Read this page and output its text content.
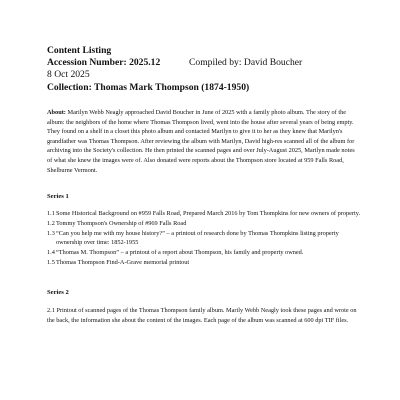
Content Listing
Accession Number: 2025.12	Compiled by: David Boucher
8 Oct 2025
Collection: Thomas Mark Thompson (1874-1950)
About: Marilyn Webb Neagly approached David Boucher in June of 2025 with a family photo album. The story of the album: the neighbors of the home where Thomas Thompson lived, went into the house after several years of being empty. They found on a shelf in a closet this photo album and contacted Marilyn to give it to her as they knew that Marilyn's grandfather was Thomas Thompson. After reviewing the album with Marilyn, David high-res scanned all of the album for archiving into the Society's collection. He then printed the scanned pages and over July-August 2025, Marilyn made notes of what she knew the images were of. Also donated were reports about the Thompson store located at 959 Falls Road, Shelburne Vermont.
Series 1
1.1 Some Historical Background on #959 Falls Road, Prepared March 2016 by Tom Thompkins for new owners of property.
1.2 Tommy Thompson's Ownership of #969 Falls Road
1.3 “Can you help me with my house history?” – a printout of research done by Thomas Thompkins listing property ownership over time: 1852-1955
1.4 “Thomas M. Thompson” – a printout of a report about Thompson, his family and property owned.
1.5 Thomas Thompson Find-A-Grave memorial printout
Series 2
2.1 Printout of scanned pages of the Thomas Thompson family album. Marily Webb Neagly took these pages and wrote on the back, the information she about the content of the images. Each page of the album was scanned at 600 dpi TIF files.
